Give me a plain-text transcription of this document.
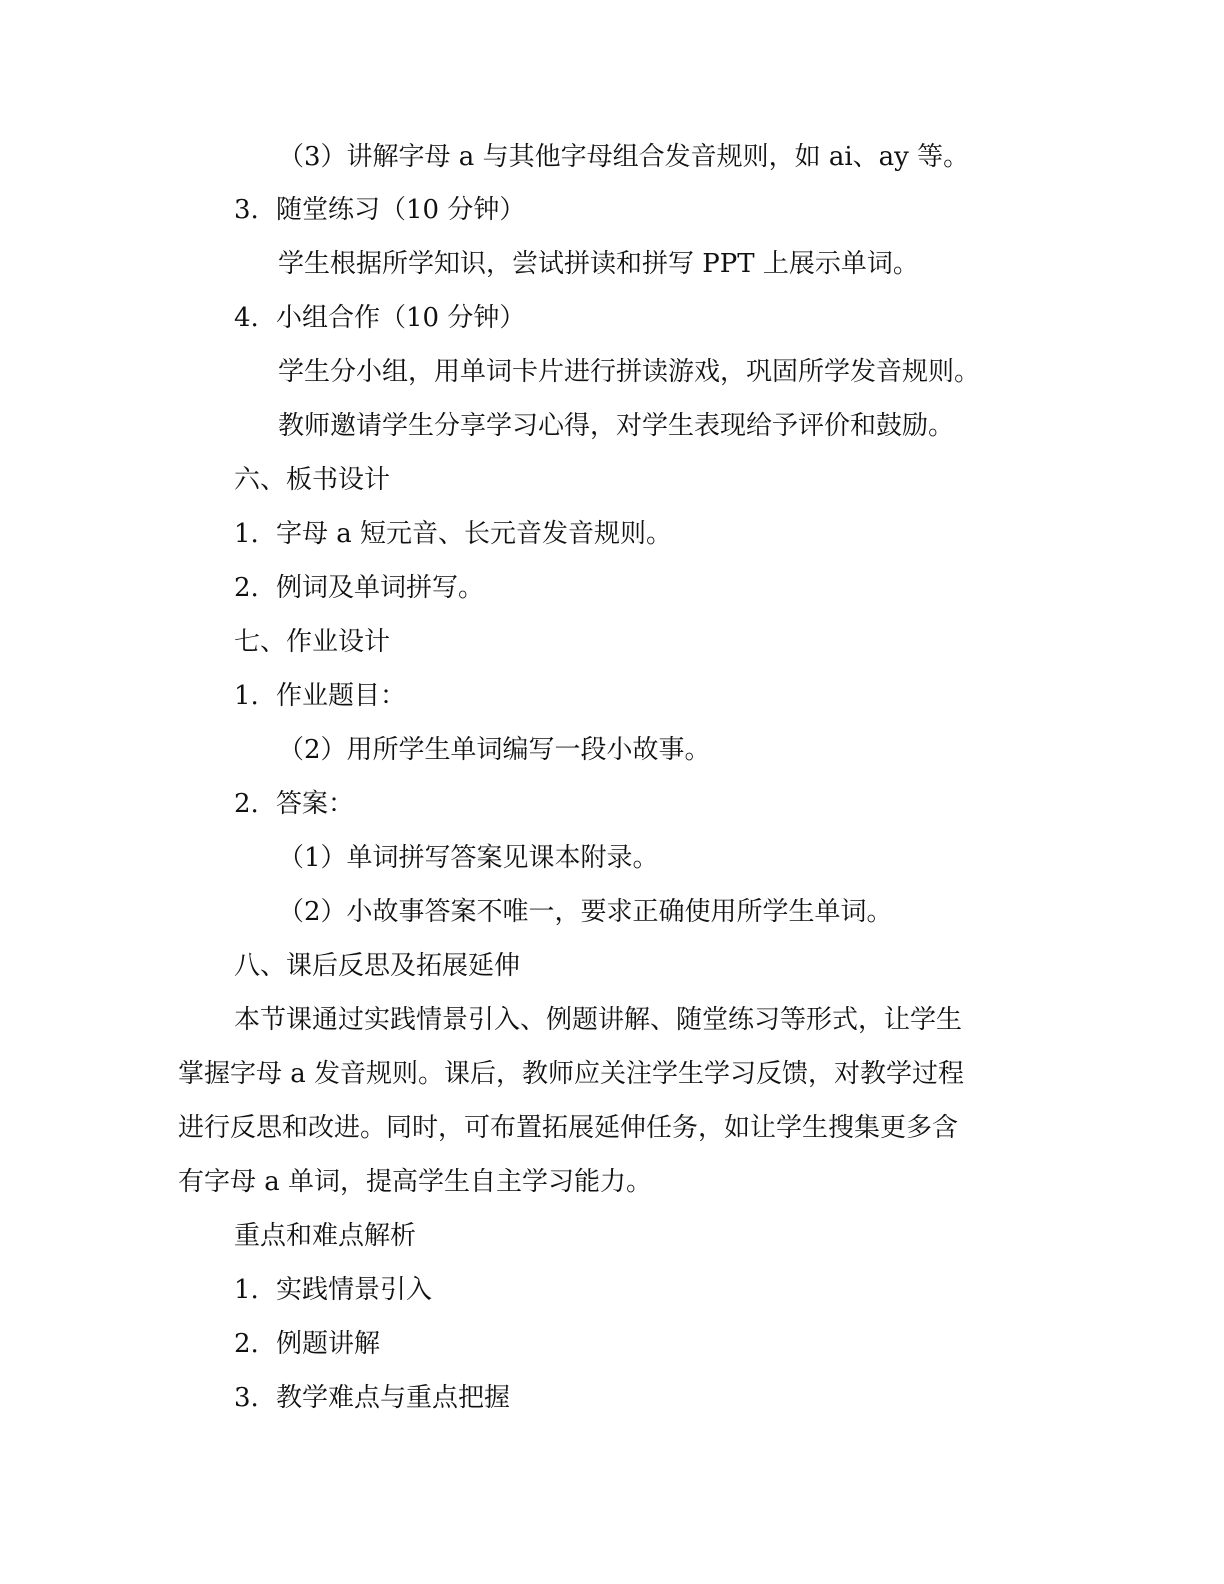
（3）讲解字母 a 与其他字母组合发音规则，如 ai、ay 等。
3. 随堂练习（10 分钟）
学生根据所学知识，尝试拼读和拼写 PPT 上展示单词。
4. 小组合作（10 分钟）
学生分小组，用单词卡片进行拼读游戏，巩固所学发音规则。
教师邀请学生分享学习心得，对学生表现给予评价和鼓励。
六、板书设计
1. 字母 a 短元音、长元音发音规则。
2. 例词及单词拼写。
七、作业设计
1. 作业题目：
（2）用所学生单词编写一段小故事。
2. 答案：
（1）单词拼写答案见课本附录。
（2）小故事答案不唯一，要求正确使用所学生单词。
八、课后反思及拓展延伸
本节课通过实践情景引入、例题讲解、随堂练习等形式，让学生
掌握字母 a 发音规则。课后，教师应关注学生学习反馈，对教学过程
进行反思和改进。同时，可布置拓展延伸任务，如让学生搜集更多含
有字母 a 单词，提高学生自主学习能力。
重点和难点解析
1. 实践情景引入
2. 例题讲解
3. 教学难点与重点把握
